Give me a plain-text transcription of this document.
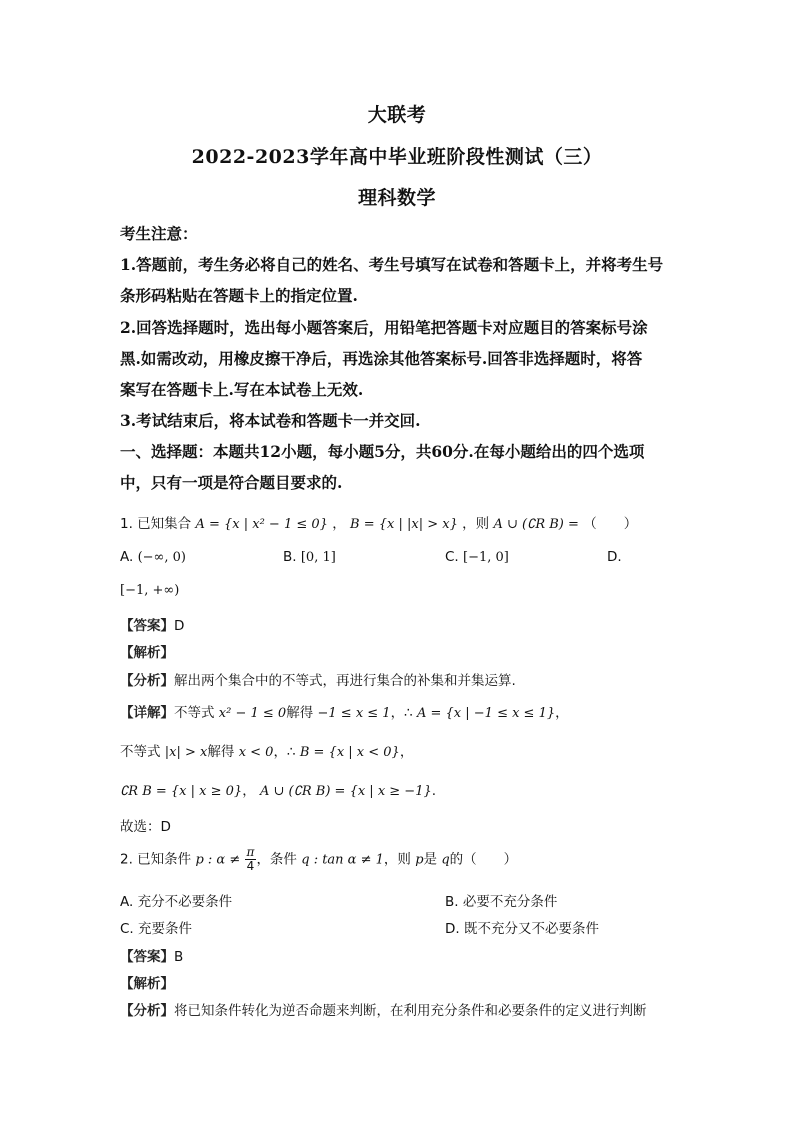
大联考
2022-2023学年高中毕业班阶段性测试（三）
理科数学
考生注意：
1.答题前，考生务必将自己的姓名、考生号填写在试卷和答题卡上，并将考生号
条形码粘贴在答题卡上的指定位置.
2.回答选择题时，选出每小题答案后，用铅笔把答题卡对应题目的答案标号涂
黑.如需改动，用橡皮擦干净后，再选涂其他答案标号.回答非选择题时，将答
案写在答题卡上.写在本试卷上无效.
3.考试结束后，将本试卷和答题卡一并交回.
一、选择题：本题共12小题，每小题5分，共60分.在每小题给出的四个选项
中，只有一项是符合题目要求的.
1. 已知集合 A = {x | x² − 1 ≤ 0} ， B = {x | |x| > x} ，则 A ∪ (∁R B) = （　　）
A. (−∞, 0)	B. [0, 1]	C. [−1, 0]	D.
[−1, +∞)
【答案】D
【解析】
【分析】解出两个集合中的不等式，再进行集合的补集和并集运算.
【详解】不等式 x² − 1 ≤ 0解得 −1 ≤ x ≤ 1，∴ A = {x | −1 ≤ x ≤ 1}，
不等式 |x| > x解得 x < 0，∴ B = {x | x < 0}，
∁R B = {x | x ≥ 0}， A ∪ (∁R B) = {x | x ≥ −1}.
故选：D
2. 已知条件 p : $\alpha \ne \frac{\pi}{4}$ ，条件 q : tan α ≠ 1，则 p是 q的（　　）
A. 充分不必要条件	B. 必要不充分条件
C. 充要条件	D. 既不充分又不必要条件
【答案】B
【解析】
【分析】将已知条件转化为逆否命题来判断，在利用充分条件和必要条件的定义进行判断
